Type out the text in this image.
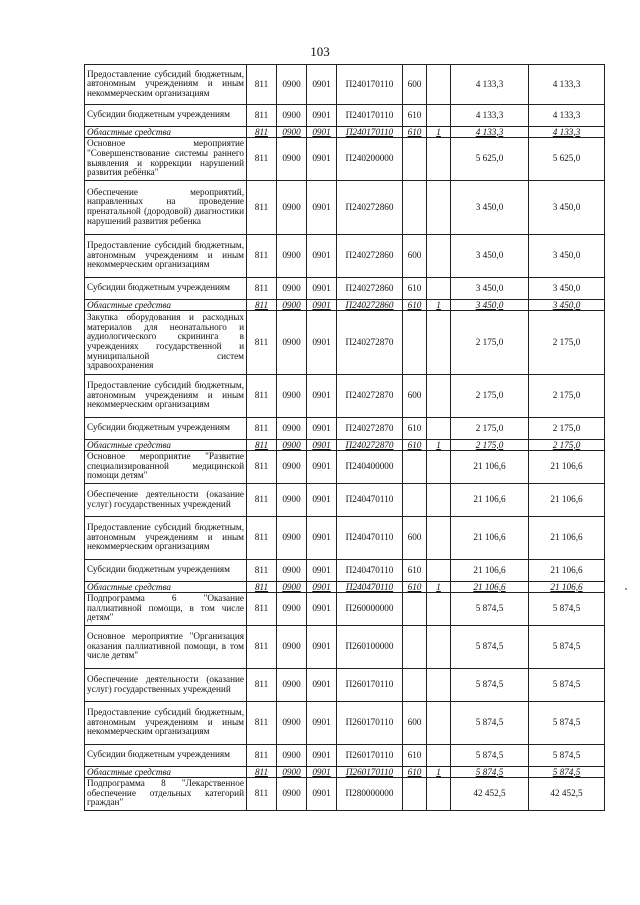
103
Предоставление субсидий бюджетным, автономным учреждениям и иным некоммерческим организациям	811	0900	0901	П240170110	600		4 133,3	4 133,3
Субсидии бюджетным учреждениям	811	0900	0901	П240170110	610		4 133,3	4 133,3
Областные средства	811	0900	0901	П240170110	610	1	4 133,3	4 133,3
Основное мероприятие "Совершенствование системы раннего выявления и коррекции нарушений развития ребёнка"	811	0900	0901	П240200000			5 625,0	5 625,0
Обеспечение мероприятий, направленных на проведение пренатальной (дородовой) диагностики нарушений развития ребенка	811	0900	0901	П240272860			3 450,0	3 450,0
Предоставление субсидий бюджетным, автономным учреждениям и иным некоммерческим организациям	811	0900	0901	П240272860	600		3 450,0	3 450,0
Субсидии бюджетным учреждениям	811	0900	0901	П240272860	610		3 450,0	3 450,0
Областные средства	811	0900	0901	П240272860	610	1	3 450,0	3 450,0
Закупка оборудования и расходных материалов для неонатального и аудиологического скрининга в учреждениях государственной и муниципальной систем здравоохранения	811	0900	0901	П240272870			2 175,0	2 175,0
Предоставление субсидий бюджетным, автономным учреждениям и иным некоммерческим организациям	811	0900	0901	П240272870	600		2 175,0	2 175,0
Субсидии бюджетным учреждениям	811	0900	0901	П240272870	610		2 175,0	2 175,0
Областные средства	811	0900	0901	П240272870	610	1	2 175,0	2 175,0
Основное мероприятие "Развитие специализированной медицинской помощи детям"	811	0900	0901	П240400000			21 106,6	21 106,6
Обеспечение деятельности (оказание услуг) государственных учреждений	811	0900	0901	П240470110			21 106,6	21 106,6
Предоставление субсидий бюджетным, автономным учреждениям и иным некоммерческим организациям	811	0900	0901	П240470110	600		21 106,6	21 106,6
Субсидии бюджетным учреждениям	811	0900	0901	П240470110	610		21 106,6	21 106,6
Областные средства	811	0900	0901	П240470110	610	1	21 106,6	21 106,6
Подпрограмма 6 "Оказание паллиативной помощи, в том числе детям"	811	0900	0901	П260000000			5 874,5	5 874,5
Основное мероприятие "Организация оказания паллиативной помощи, в том числе детям"	811	0900	0901	П260100000			5 874,5	5 874,5
Обеспечение деятельности (оказание услуг) государственных учреждений	811	0900	0901	П260170110			5 874,5	5 874,5
Предоставление субсидий бюджетным, автономным учреждениям и иным некоммерческим организациям	811	0900	0901	П260170110	600		5 874,5	5 874,5
Субсидии бюджетным учреждениям	811	0900	0901	П260170110	610		5 874,5	5 874,5
Областные средства	811	0900	0901	П260170110	610	1	5 874,5	5 874,5
Подпрограмма 8 "Лекарственное обеспечение отдельных категорий граждан"	811	0900	0901	П280000000			42 452,5	42 452,5
